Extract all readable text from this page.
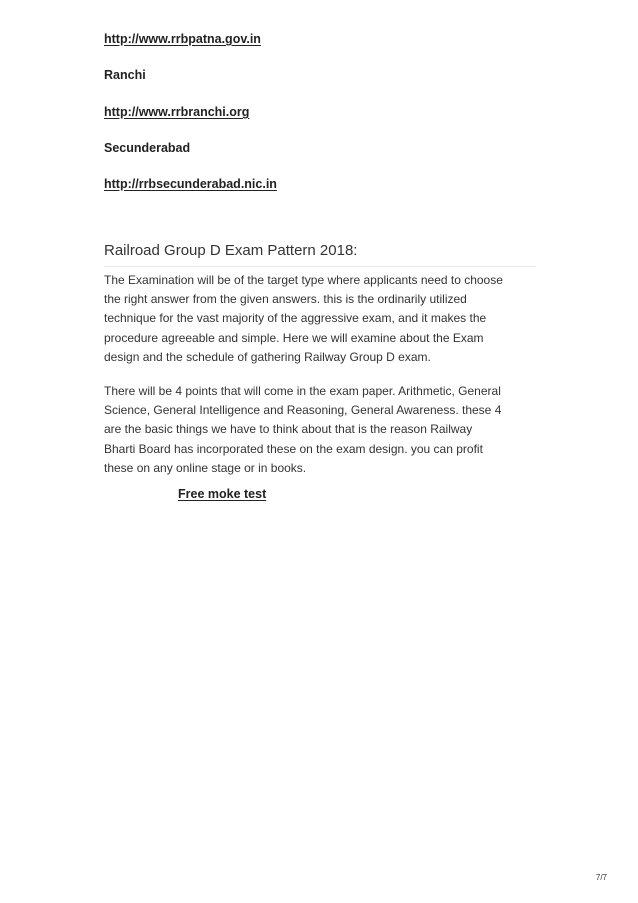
http://www.rrbpatna.gov.in
Ranchi
http://www.rrbranchi.org
Secunderabad
http://rrbsecunderabad.nic.in
Railroad Group D Exam Pattern 2018:

The Examination will be of the target type where applicants need to choose
the right answer from the given answers. this is the ordinarily utilized
technique for the vast majority of the aggressive exam, and it makes the
procedure agreeable and simple. Here we will examine about the Exam
design and the schedule of gathering Railway Group D exam.

There will be 4 points that will come in the exam paper. Arithmetic, General
Science, General Intelligence and Reasoning, General Awareness. these 4
are the basic things we have to think about that is the reason Railway
Bharti Board has incorporated these on the exam design. you can profit
these on any online stage or in books.

Free moke test
7/7
